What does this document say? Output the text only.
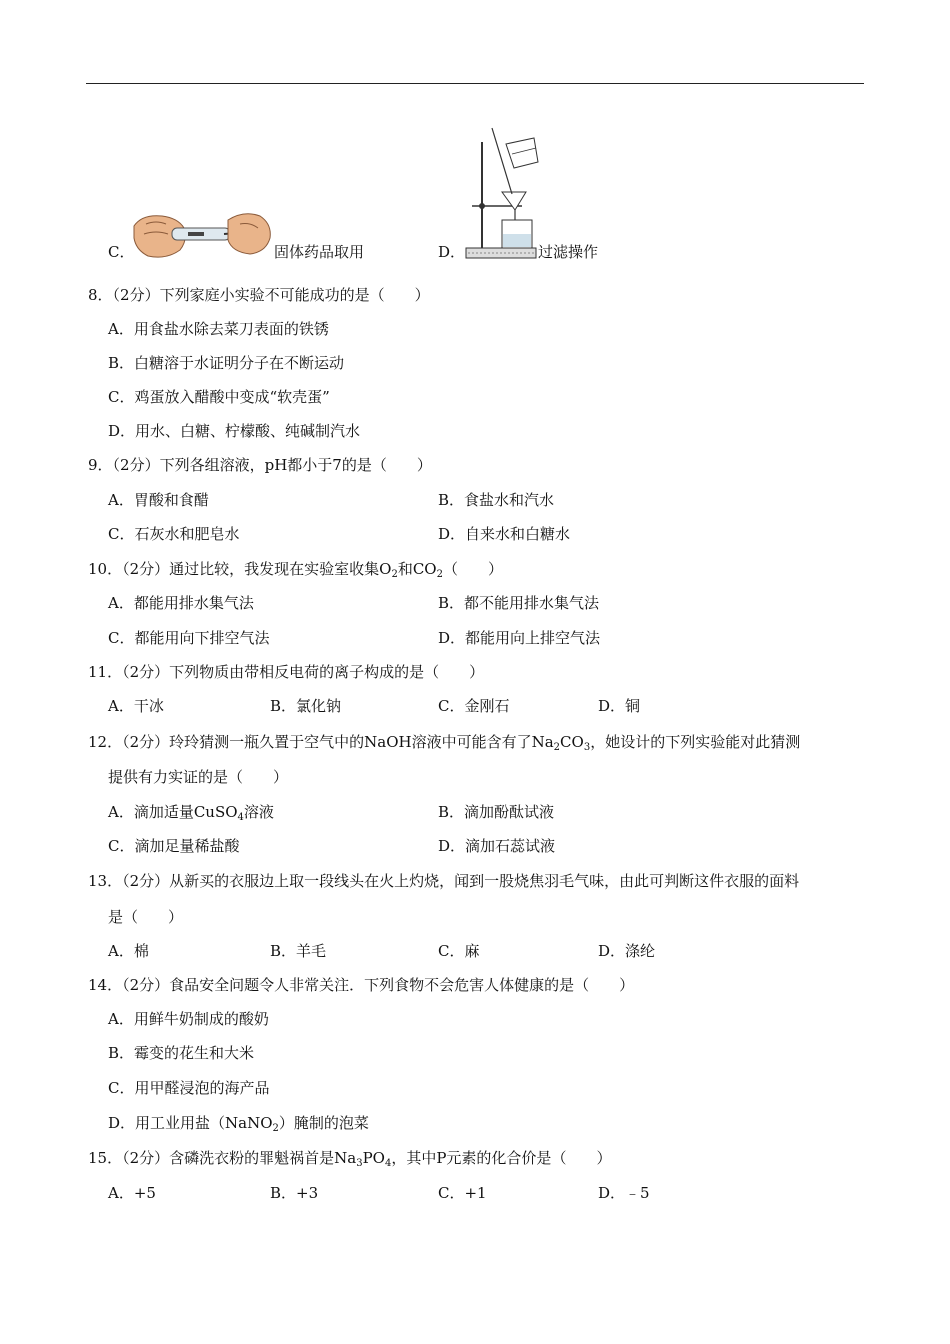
C．	固体药品取用	D．	过滤操作
8．（2分）下列家庭小实验不可能成功的是（　　）
A．用食盐水除去菜刀表面的铁锈
B．白糖溶于水证明分子在不断运动
C．鸡蛋放入醋酸中变成“软壳蛋”
D．用水、白糖、柠檬酸、纯碱制汽水
9．（2分）下列各组溶液，pH都小于7的是（　　）
A．胃酸和食醋	B．食盐水和汽水
C．石灰水和肥皂水	D．自来水和白糖水
10．（2分）通过比较，我发现在实验室收集$O_2$和$CO_2$（　　）
A．都能用排水集气法	B．都不能用排水集气法
C．都能用向下排空气法	D．都能用向上排空气法
11．（2分）下列物质由带相反电荷的离子构成的是（　　）
A．干冰	B．氯化钠	C．金刚石	D．铜
12．（2分）玲玲猜测一瓶久置于空气中的NaOH溶液中可能含有了$Na_2CO_3$，她设计的下列实验能对此猜测
提供有力实证的是（　　）
A．滴加适量CuSO$_4$溶液	B．滴加酚酞试液
C．滴加足量稀盐酸	D．滴加石蕊试液
13．（2分）从新买的衣服边上取一段线头在火上灼烧，闻到一股烧焦羽毛气味，由此可判断这件衣服的面料
是（　　）
A．棉	B．羊毛	C．麻	D．涤纶
14．（2分）食品安全问题令人非常关注．下列食物不会危害人体健康的是（　　）
A．用鲜牛奶制成的酸奶
B．霉变的花生和大米
C．用甲醛浸泡的海产品
D．用工业用盐（NaNO$_2$）腌制的泡菜
15．（2分）含磷洗衣粉的罪魁祸首是$Na_3PO_4$，其中P元素的化合价是（　　）
A．+5	B．+3	C．+1	D．﹣5
